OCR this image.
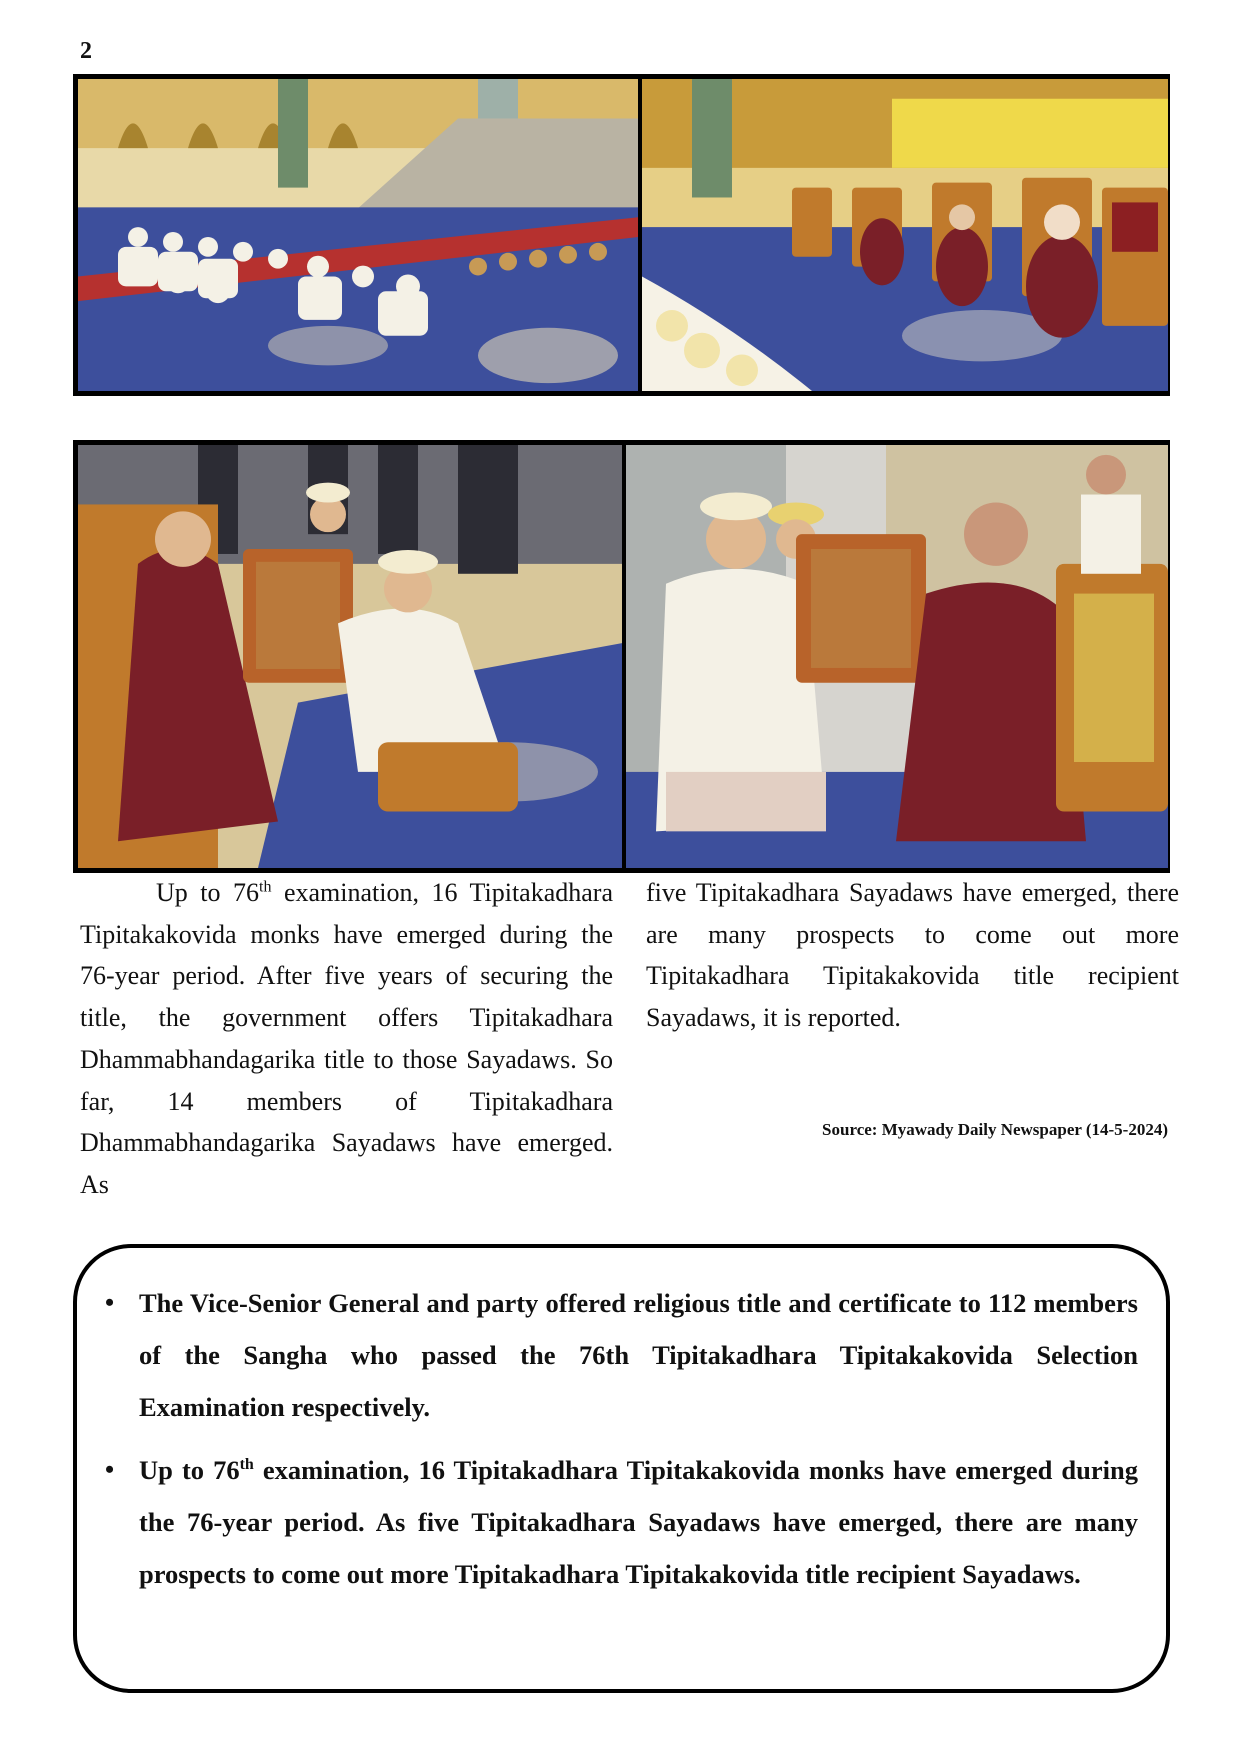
2

Up to 76th examination, 16 Tipitakadhara Tipitakakovida monks have emerged during the 76-year period. After five years of securing the title, the government offers Tipitakadhara Dhammabhandagarika title to those Sayadaws. So far, 14 members of Tipitakadhara Dhammabhandagarika Sayadaws have emerged. As

five Tipitakadhara Sayadaws have emerged, there are many prospects to come out more Tipitakadhara Tipitakakovida title recipient Sayadaws, it is reported.

Source: Myawady Daily Newspaper (14-5-2024)
• The Vice-Senior General and party offered religious title and certificate to 112 members of the Sangha who passed the 76th Tipitakadhara Tipitakakovida Selection Examination respectively.
• Up to 76th examination, 16 Tipitakadhara Tipitakakovida monks have emerged during the 76-year period. As five Tipitakadhara Sayadaws have emerged, there are many prospects to come out more Tipitakadhara Tipitakakovida title recipient Sayadaws.
